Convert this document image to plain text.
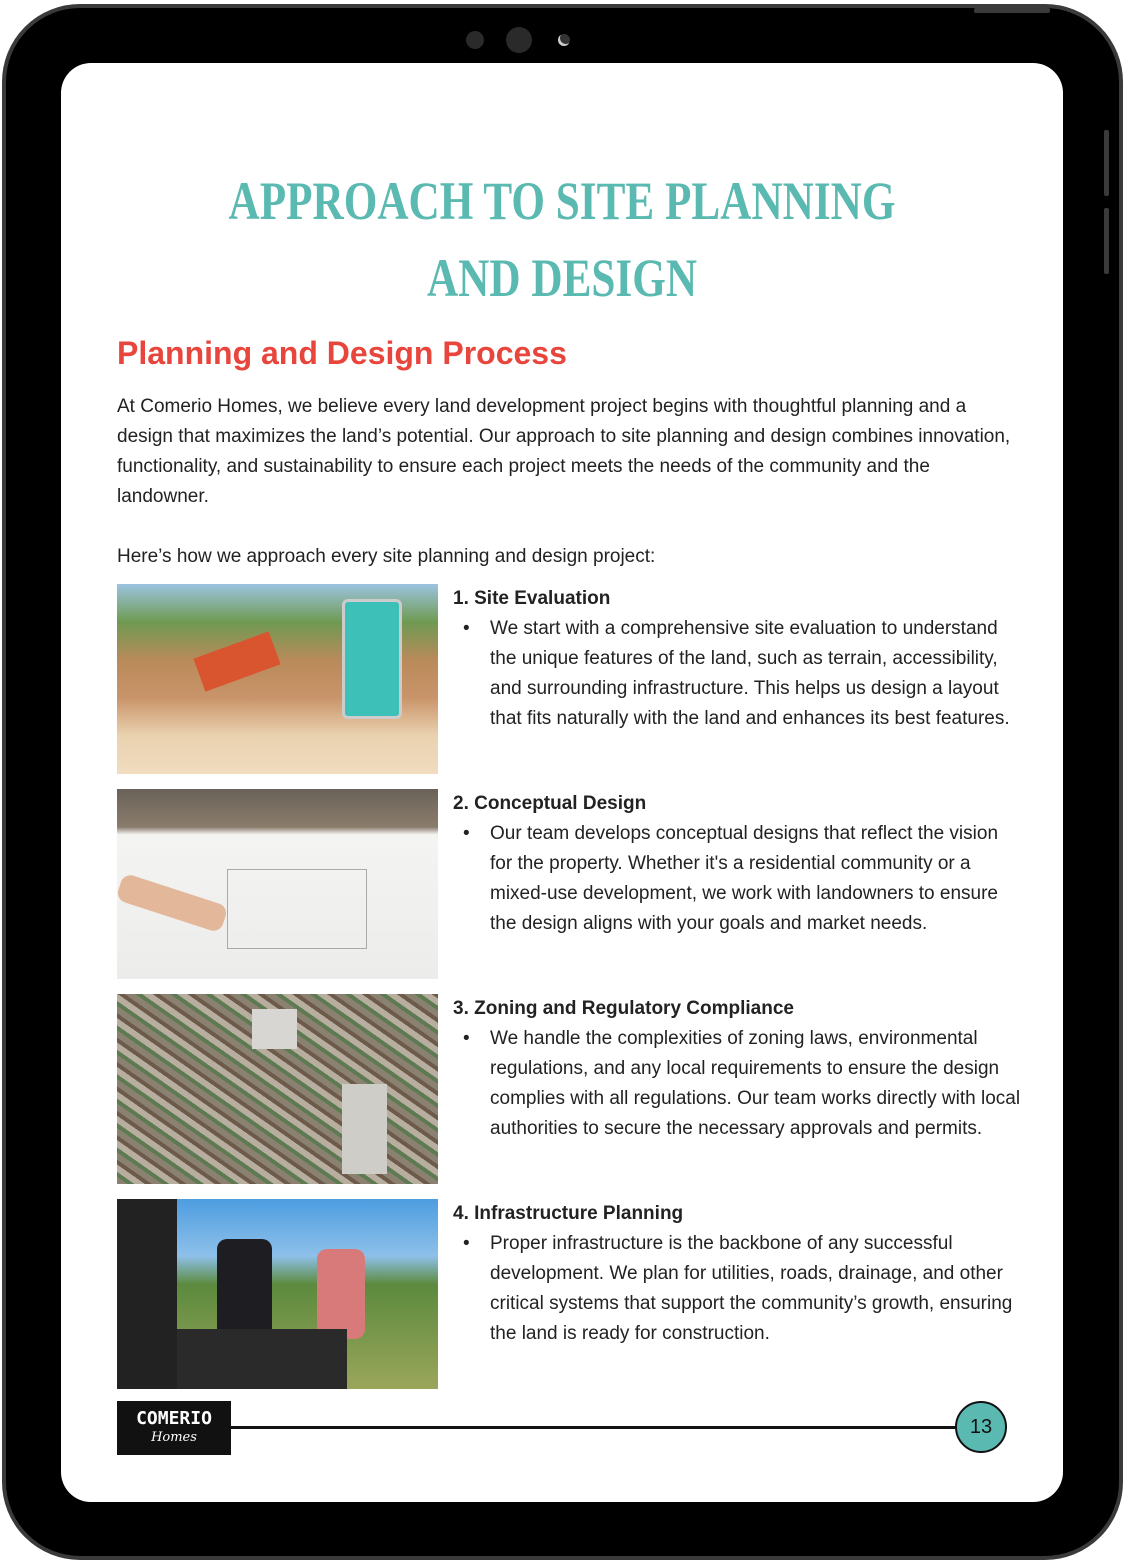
APPROACH TO SITE PLANNING
AND DESIGN
Planning and Design Process
At Comerio Homes, we believe every land development project begins with thoughtful planning and a design that maximizes the land’s potential. Our approach to site planning and design combines innovation, functionality, and sustainability to ensure each project meets the needs of the community and the landowner.
Here’s how we approach every site planning and design project:
1. Site Evaluation
• We start with a comprehensive site evaluation to understand the unique features of the land, such as terrain, accessibility, and surrounding infrastructure. This helps us design a layout that fits naturally with the land and enhances its best features.
2. Conceptual Design
• Our team develops conceptual designs that reflect the vision for the property. Whether it's a residential community or a mixed-use development, we work with landowners to ensure the design aligns with your goals and market needs.
3. Zoning and Regulatory Compliance
• We handle the complexities of zoning laws, environmental regulations, and any local requirements to ensure the design complies with all regulations. Our team works directly with local authorities to secure the necessary approvals and permits.
4. Infrastructure Planning
• Proper infrastructure is the backbone of any successful development. We plan for utilities, roads, drainage, and other critical systems that support the community’s growth, ensuring the land is ready for construction.
COMERIO
Homes	13
